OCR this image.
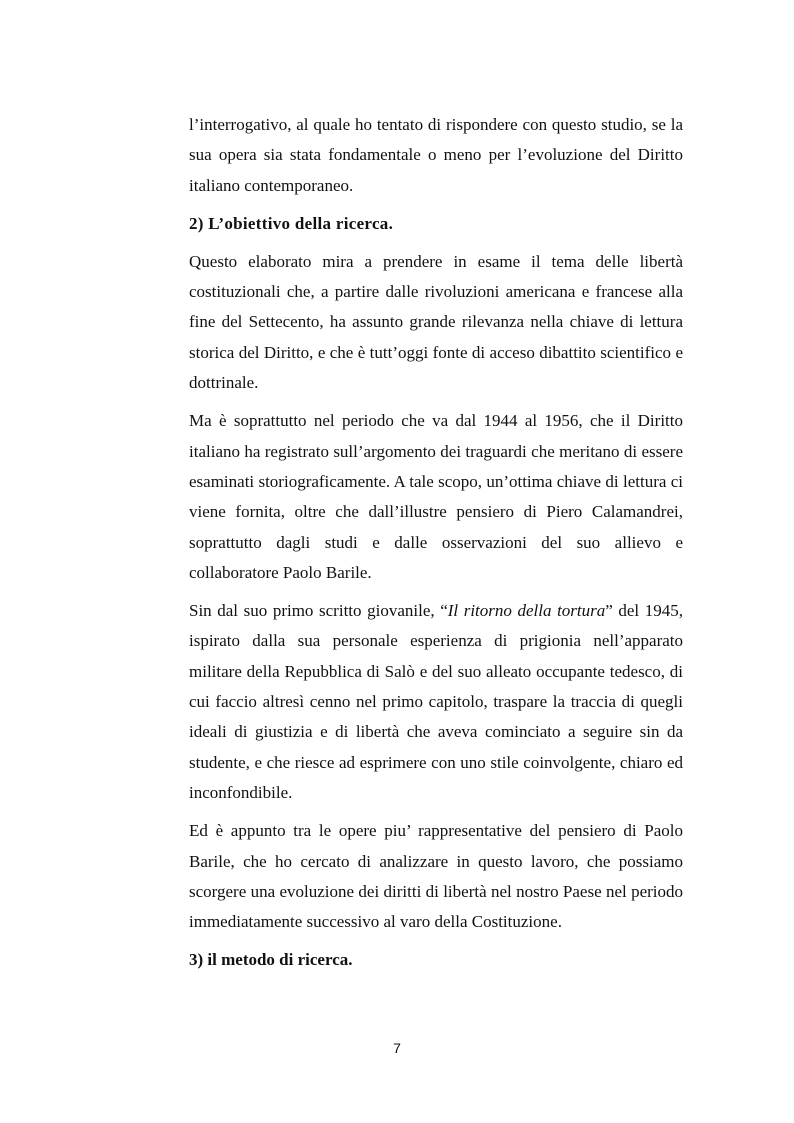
l’interrogativo, al quale ho tentato di rispondere con questo studio, se la sua opera sia stata fondamentale o meno per l’evoluzione del Diritto italiano contemporaneo.

2) L’obiettivo della ricerca.

Questo elaborato mira a prendere in esame il tema delle libertà costituzionali che, a partire dalle rivoluzioni americana e francese alla fine del Settecento, ha assunto grande rilevanza nella chiave di lettura storica del Diritto, e che è tutt’oggi fonte di acceso dibattito scientifico e dottrinale.

Ma è soprattutto nel periodo che va dal 1944 al 1956, che il Diritto italiano ha registrato sull’argomento dei traguardi che meritano di essere esaminati storiograficamente. A tale scopo, un’ottima chiave di lettura ci viene fornita, oltre che dall’illustre pensiero di Piero Calamandrei, soprattutto dagli studi e dalle osservazioni del suo allievo e collaboratore Paolo Barile.

Sin dal suo primo scritto giovanile, “Il ritorno della tortura” del 1945, ispirato dalla sua personale esperienza di prigionia nell’apparato militare della Repubblica di Salò e del suo alleato occupante tedesco, di cui faccio altresì cenno nel primo capitolo, traspare la traccia di quegli ideali di giustizia e di libertà che aveva cominciato a seguire sin da studente, e che riesce ad esprimere con uno stile coinvolgente, chiaro ed inconfondibile.

Ed è appunto tra le opere piu’ rappresentative del pensiero di Paolo Barile, che ho cercato di analizzare in questo lavoro, che possiamo scorgere una evoluzione dei diritti di libertà nel nostro Paese nel periodo immediatamente successivo al varo della Costituzione.

3) il metodo di ricerca.

7
